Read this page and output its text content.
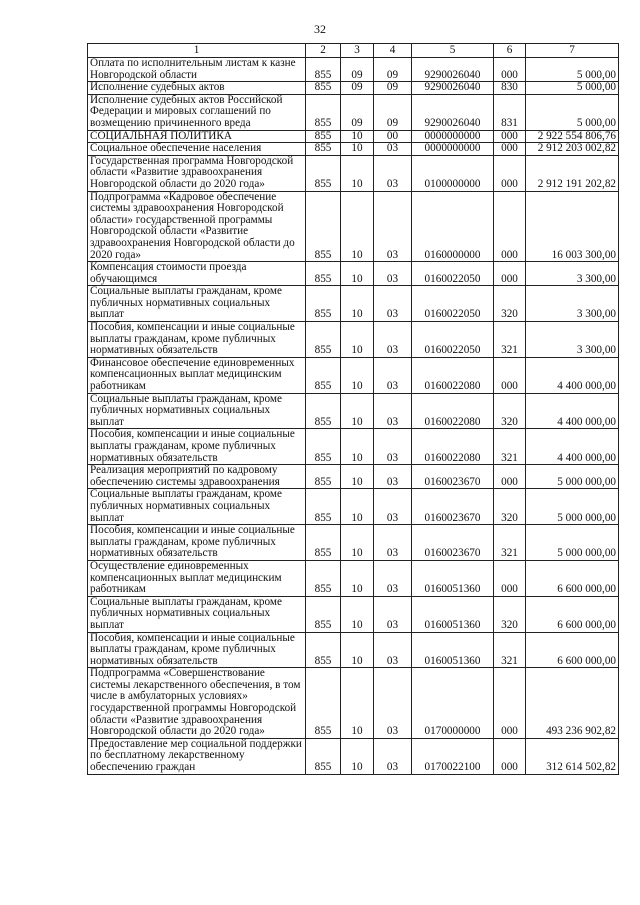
32
1	2	3	4	5	6	7
Оплата по исполнительным листам к казне Новгородской области	855	09	09	9290026040	000	5 000,00
Исполнение судебных актов	855	09	09	9290026040	830	5 000,00
Исполнение судебных актов Российской Федерации и мировых соглашений по возмещению причиненного вреда	855	09	09	9290026040	831	5 000,00
СОЦИАЛЬНАЯ ПОЛИТИКА	855	10	00	0000000000	000	2 922 554 806,76
Социальное обеспечение населения	855	10	03	0000000000	000	2 912 203 002,82
Государственная программа Новгородской области «Развитие здравоохранения Новгородской области до 2020 года»	855	10	03	0100000000	000	2 912 191 202,82
Подпрограмма «Кадровое обеспечение системы здравоохранения Новгородской области» государственной программы Новгородской области «Развитие здравоохранения Новгородской области до 2020 года»	855	10	03	0160000000	000	16 003 300,00
Компенсация стоимости проезда обучающимся	855	10	03	0160022050	000	3 300,00
Социальные выплаты гражданам, кроме публичных нормативных социальных выплат	855	10	03	0160022050	320	3 300,00
Пособия, компенсации и иные социальные выплаты гражданам, кроме публичных нормативных обязательств	855	10	03	0160022050	321	3 300,00
Финансовое обеспечение единовременных компенсационных выплат медицинским работникам	855	10	03	0160022080	000	4 400 000,00
Социальные выплаты гражданам, кроме публичных нормативных социальных выплат	855	10	03	0160022080	320	4 400 000,00
Пособия, компенсации и иные социальные выплаты гражданам, кроме публичных нормативных обязательств	855	10	03	0160022080	321	4 400 000,00
Реализация мероприятий по кадровому обеспечению системы здравоохранения	855	10	03	0160023670	000	5 000 000,00
Социальные выплаты гражданам, кроме публичных нормативных социальных выплат	855	10	03	0160023670	320	5 000 000,00
Пособия, компенсации и иные социальные выплаты гражданам, кроме публичных нормативных обязательств	855	10	03	0160023670	321	5 000 000,00
Осуществление единовременных компенсационных выплат медицинским работникам	855	10	03	0160051360	000	6 600 000,00
Социальные выплаты гражданам, кроме публичных нормативных социальных выплат	855	10	03	0160051360	320	6 600 000,00
Пособия, компенсации и иные социальные выплаты гражданам, кроме публичных нормативных обязательств	855	10	03	0160051360	321	6 600 000,00
Подпрограмма «Совершенствование системы лекарственного обеспечения, в том числе в амбулаторных условиях» государственной программы Новгородской области «Развитие здравоохранения Новгородской области до 2020 года»	855	10	03	0170000000	000	493 236 902,82
Предоставление мер социальной поддержки по бесплатному лекарственному обеспечению граждан	855	10	03	0170022100	000	312 614 502,82
